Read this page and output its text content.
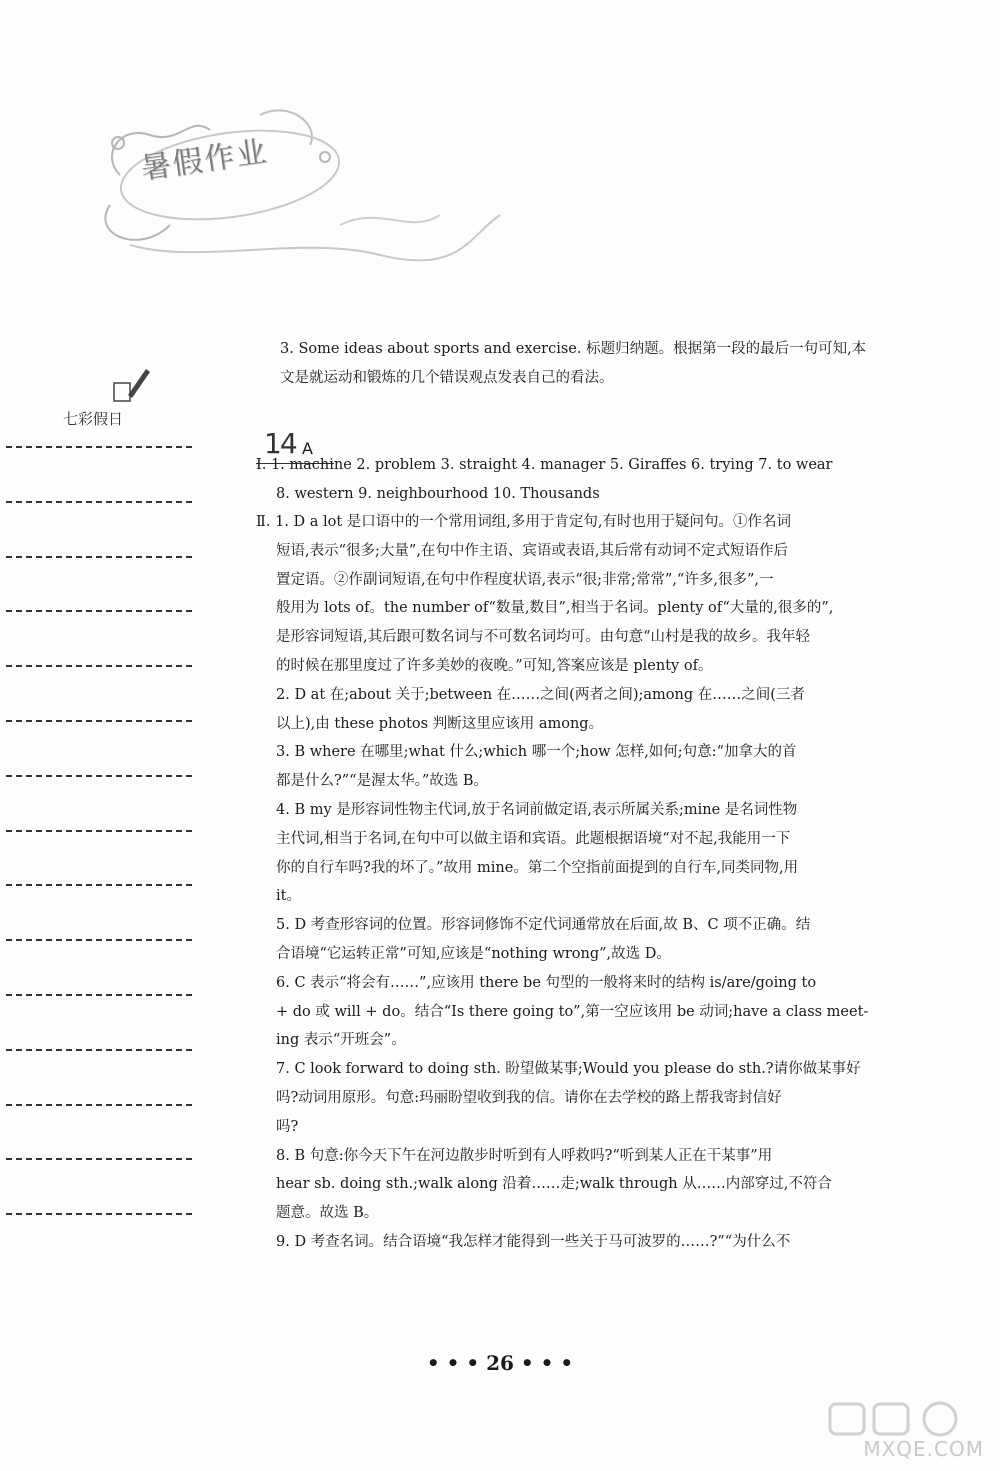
暑假作业
七彩假日
3. Some ideas about sports and exercise. 标题归纳题。根据第一段的最后一句可知,本
文是就运动和锻炼的几个错误观点发表自己的看法。
14 A
Ⅰ. 1. machine 2. problem 3. straight 4. manager 5. Giraffes 6. trying 7. to wear
8. western 9. neighbourhood 10. Thousands
Ⅱ. 1. D a lot 是口语中的一个常用词组,多用于肯定句,有时也用于疑问句。①作名词
短语,表示“很多;大量”,在句中作主语、宾语或表语,其后常有动词不定式短语作后
置定语。②作副词短语,在句中作程度状语,表示“很;非常;常常”,“许多,很多”,一
般用为 lots of。the number of“数量,数目”,相当于名词。plenty of“大量的,很多的”,
是形容词短语,其后跟可数名词与不可数名词均可。由句意“山村是我的故乡。我年轻
的时候在那里度过了许多美妙的夜晚。”可知,答案应该是 plenty of。
2. D at 在;about 关于;between 在……之间(两者之间);among 在……之间(三者
以上),由 these photos 判断这里应该用 among。
3. B where 在哪里;what 什么;which 哪一个;how 怎样,如何;句意:“加拿大的首
都是什么?”“是渥太华。”故选 B。
4. B my 是形容词性物主代词,放于名词前做定语,表示所属关系;mine 是名词性物
主代词,相当于名词,在句中可以做主语和宾语。此题根据语境“对不起,我能用一下
你的自行车吗?我的坏了。”故用 mine。第二个空指前面提到的自行车,同类同物,用
it。
5. D 考查形容词的位置。形容词修饰不定代词通常放在后面,故 B、C 项不正确。结
合语境“它运转正常”可知,应该是“nothing wrong”,故选 D。
6. C 表示“将会有……”,应该用 there be 句型的一般将来时的结构 is/are/going to
+ do 或 will + do。结合“Is there going to”,第一空应该用 be 动词;have a class meet-
ing 表示“开班会”。
7. C look forward to doing sth. 盼望做某事;Would you please do sth.?请你做某事好
吗?动词用原形。句意:玛丽盼望收到我的信。请你在去学校的路上帮我寄封信好
吗?
8. B 句意:你今天下午在河边散步时听到有人呼救吗?“听到某人正在干某事”用
hear sb. doing sth.;walk along 沿着……走;walk through 从……内部穿过,不符合
题意。故选 B。
9. D 考查名词。结合语境“我怎样才能得到一些关于马可波罗的……?”“为什么不
• • • 26 • • •
MXQE.COM
